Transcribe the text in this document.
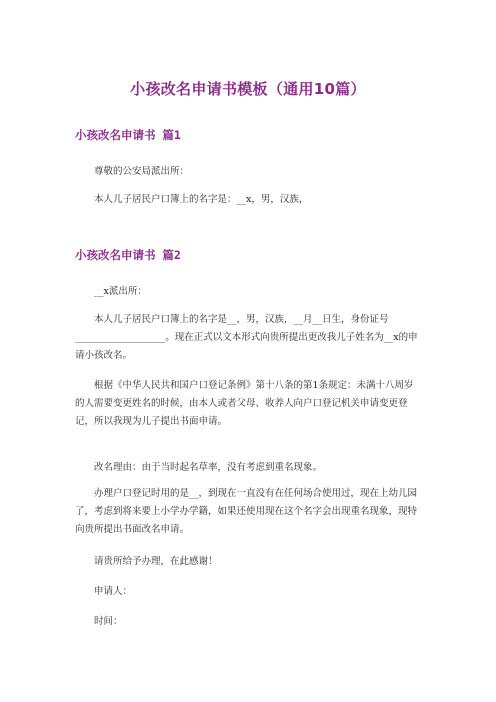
小孩改名申请书模板（通用10篇）
小孩改名申请书 篇1

尊敬的公安局派出所：

本人儿子居民户口簿上的名字是：__x，男，汉族，

小孩改名申请书 篇2

__x派出所：

本人儿子居民户口簿上的名字是__，男，汉族，__月__日生，身份证号___________________。现在正式以文本形式向贵所提出更改我儿子姓名为__x的申请小孩改名。

根据《中华人民共和国户口登记条例》第十八条的第1条规定：未满十八周岁的人需要变更姓名的时候，由本人或者父母、收养人向户口登记机关申请变更登记，所以我现为儿子提出书面申请。

改名理由：由于当时起名草率，没有考虑到重名现象。

办理户口登记时用的是__，到现在一直没有在任何场合使用过，现在上幼儿园了，考虑到将来要上小学办学籍，如果还使用现在这个名字会出现重名现象，现特向贵所提出书面改名申请。

请贵所给予办理，在此感谢！

申请人：

时间：
